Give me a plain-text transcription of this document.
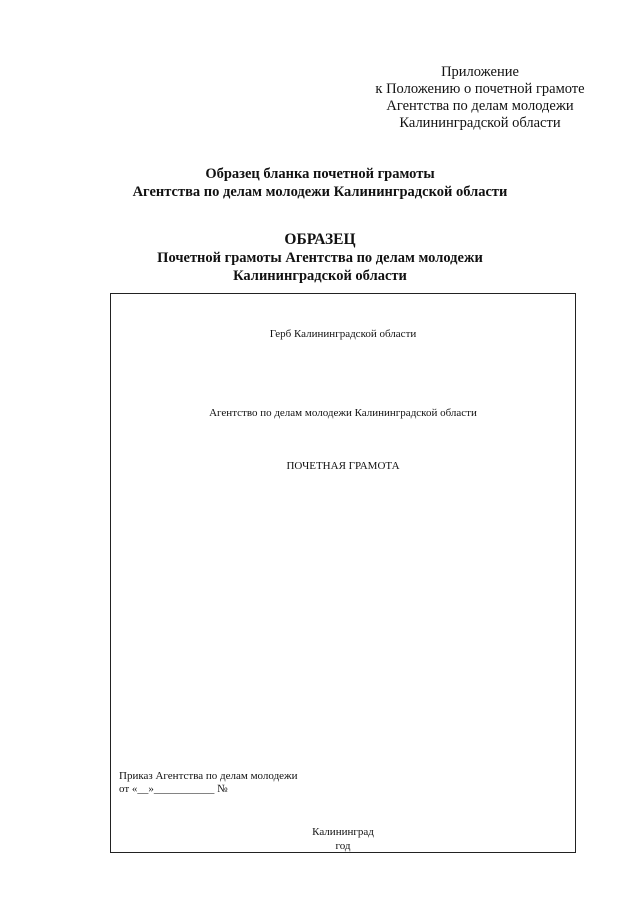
Приложение
к Положению о почетной грамоте
Агентства по делам молодежи
Калининградской области
Образец бланка почетной грамоты
Агентства по делам молодежи Калининградской области
ОБРАЗЕЦ
Почетной грамоты Агентства по делам молодежи
Калининградской области
Герб Калининградской области
Агентство по делам молодежи Калининградской области
ПОЧЕТНАЯ ГРАМОТА
Приказ Агентства по делам молодежи
от «__»___________ №
Калининград
год
